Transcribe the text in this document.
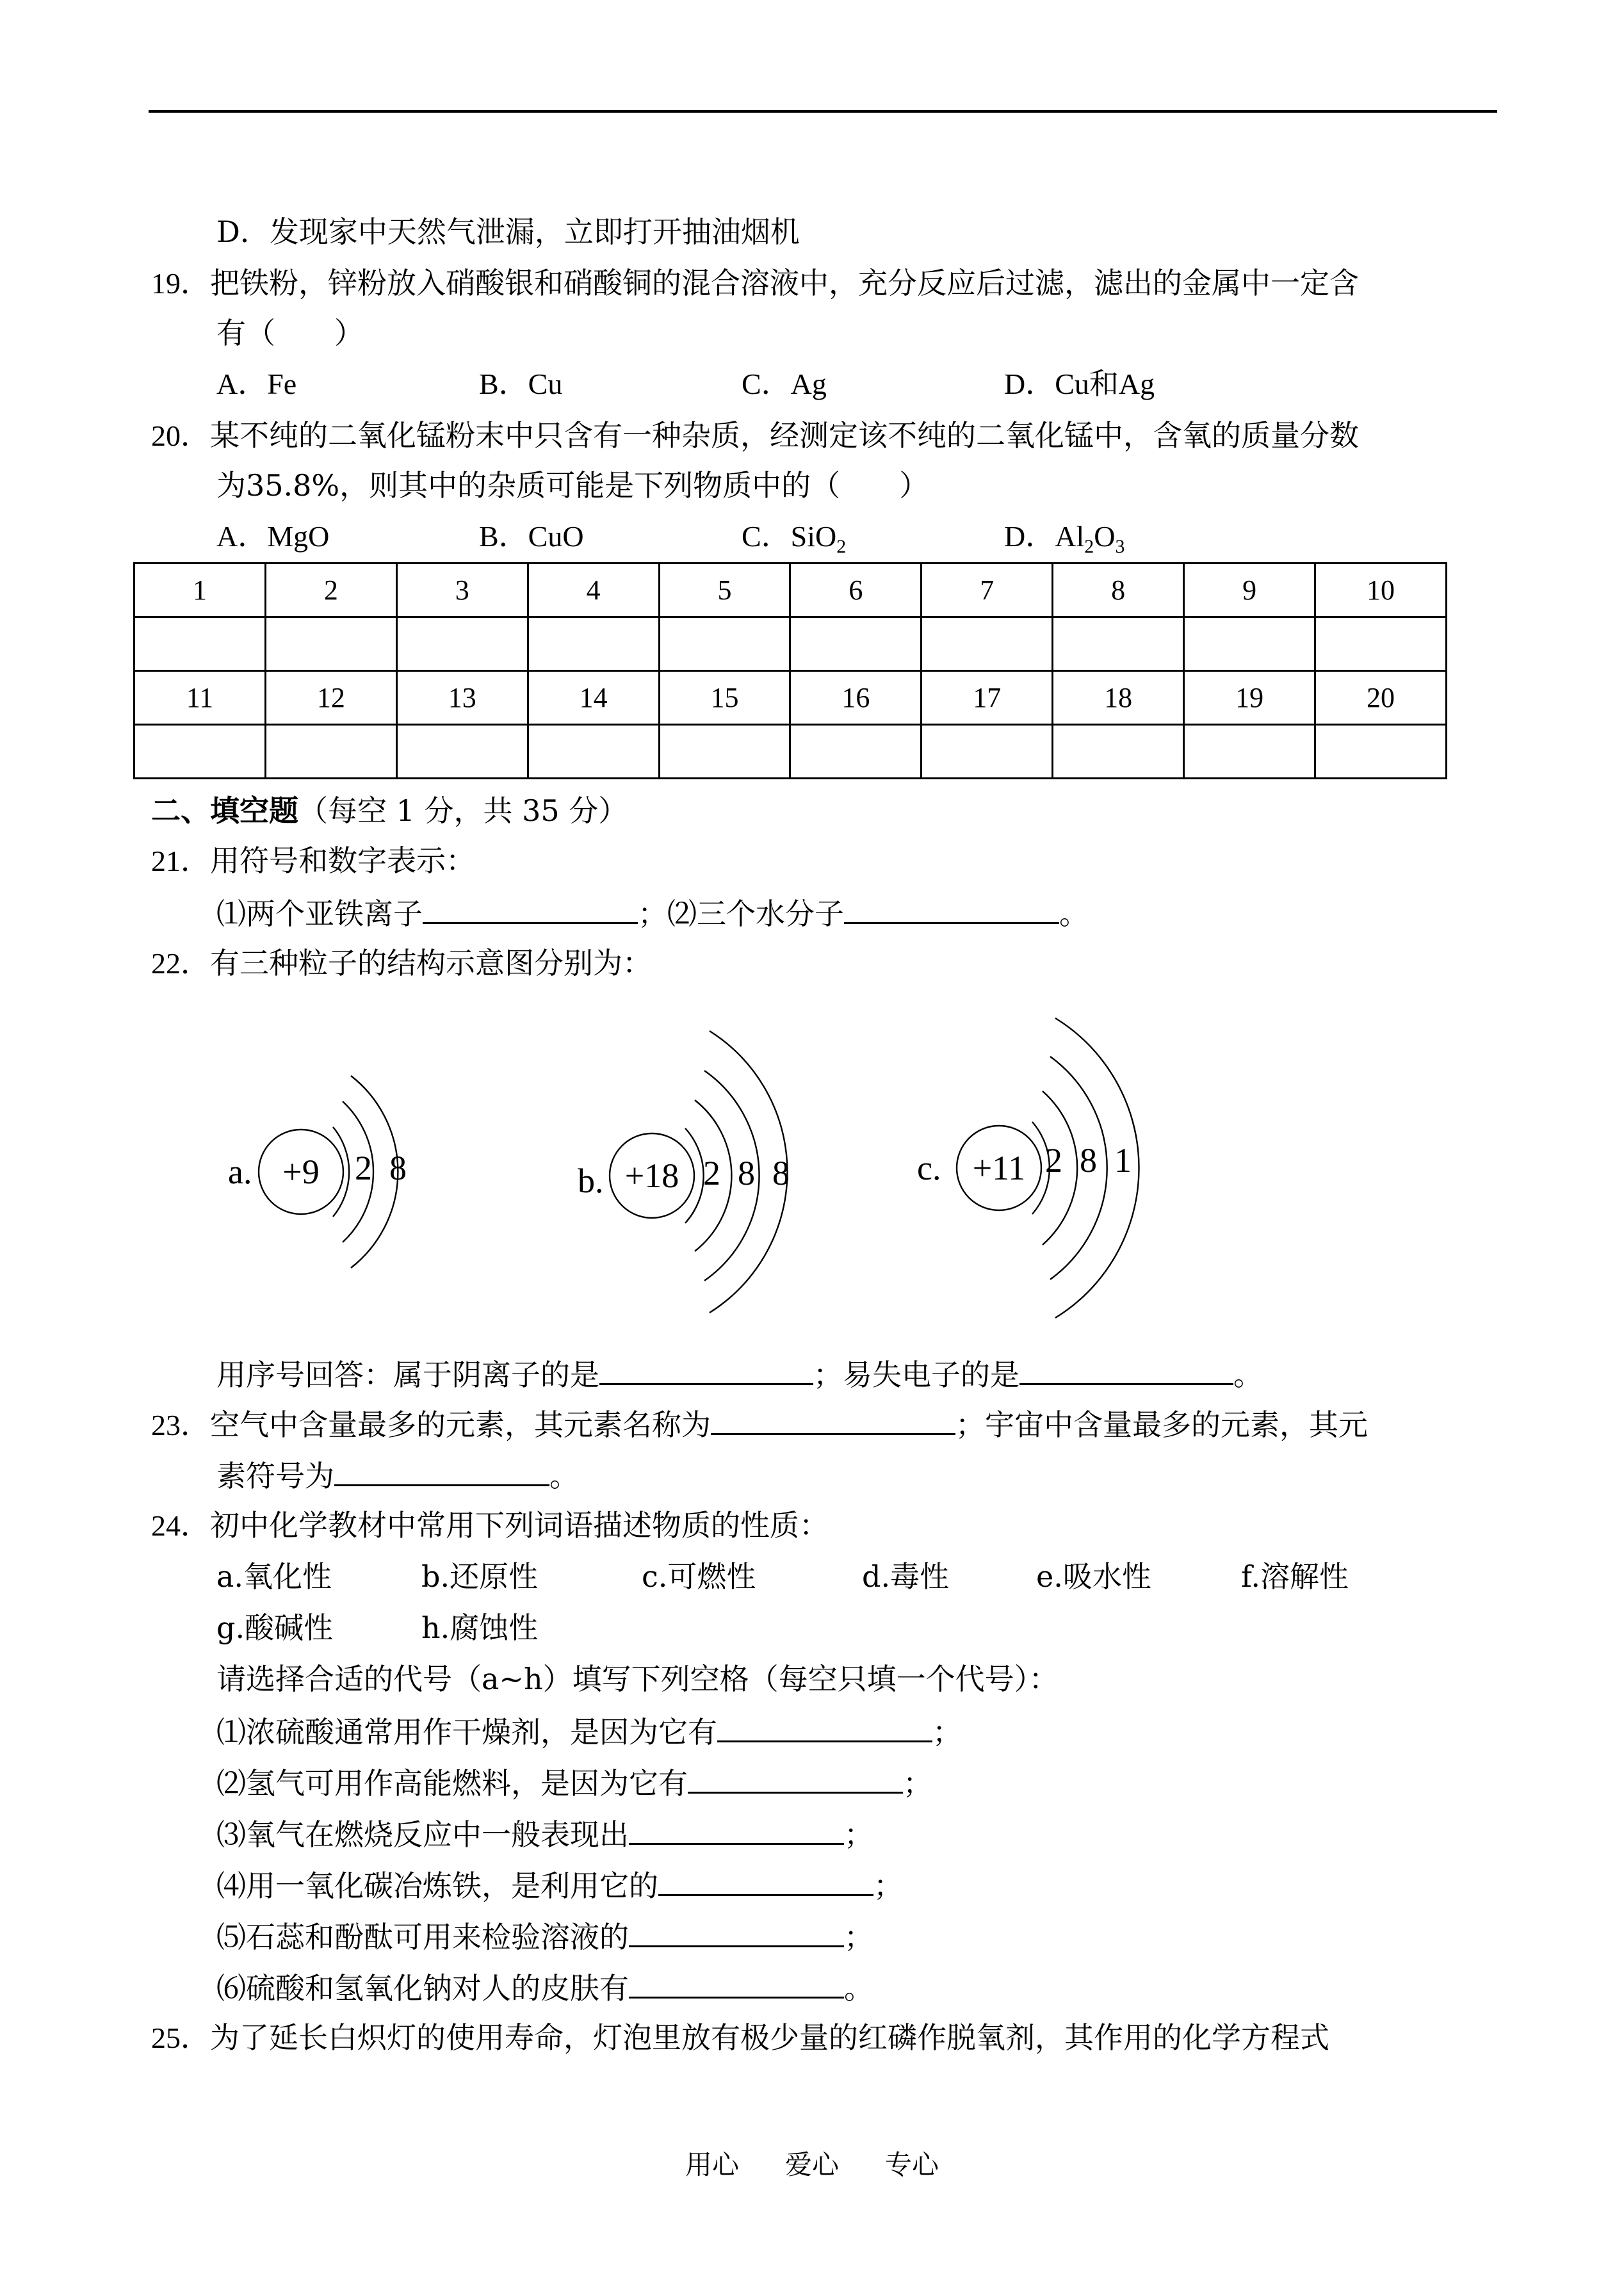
D．发现家中天然气泄漏，立即打开抽油烟机
19．把铁粉，锌粉放入硝酸银和硝酸铜的混合溶液中，充分反应后过滤，滤出的金属中一定含
有（　　）
A．Fe	B．Cu	C．Ag	D．Cu和Ag
20．某不纯的二氧化锰粉末中只含有一种杂质，经测定该不纯的二氧化锰中，含氧的质量分数
为35.8%，则其中的杂质可能是下列物质中的（　　）
A．MgO	B．CuO	C．SiO$_2$	D．$Al_2O_3$
1	2	3	4	5	6	7	8	9	10

11	12	13	14	15	16	17	18	19	20

二、填空题（每空 1 分，共 35 分）
21．用符号和数字表示：
⑴两个亚铁离子	；⑵三个水分子	。
22．有三种粒子的结构示意图分别为：
a. +9 2  8	b. +18 2  8  8	c. +11 2  8  1
用序号回答：属于阴离子的是	；易失电子的是	。
23．空气中含量最多的元素，其元素名称为	；宇宙中含量最多的元素，其元
素符号为	。
24．初中化学教材中常用下列词语描述物质的性质：
a.氧化性	b.还原性	c.可燃性	d.毒性	e.吸水性	f.溶解性
g.酸碱性	h.腐蚀性
请选择合适的代号（a~h）填写下列空格（每空只填一个代号）：
⑴浓硫酸通常用作干燥剂，是因为它有	；
⑵氢气可用作高能燃料，是因为它有	；
⑶氧气在燃烧反应中一般表现出	；
⑷用一氧化碳冶炼铁，是利用它的	；
⑸石蕊和酚酞可用来检验溶液的	；
⑹硫酸和氢氧化钠对人的皮肤有	。
25．为了延长白炽灯的使用寿命，灯泡里放有极少量的红磷作脱氧剂，其作用的化学方程式
用心 爱心 专心
